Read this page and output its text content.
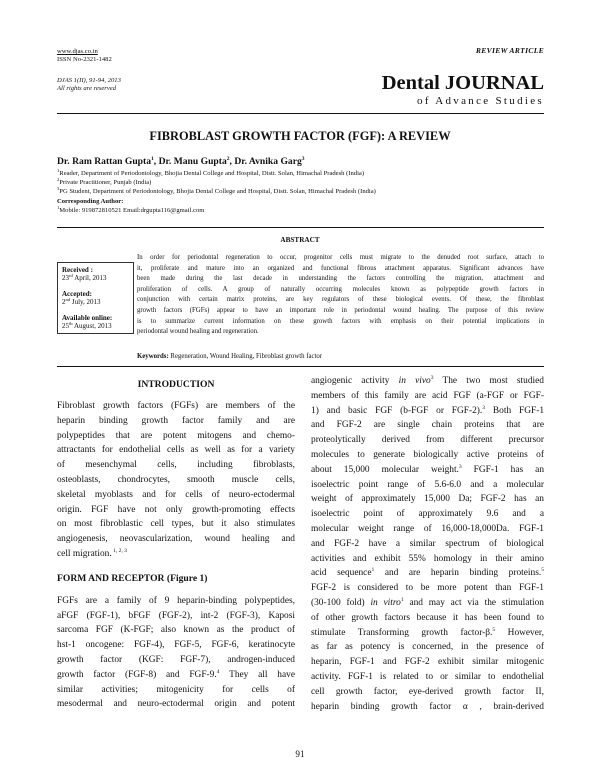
www.djas.co.in
ISSN No-2321-1482
DJAS 1(II), 91-94, 2013
All rights are reserved
REVIEW ARTICLE
Dental JOURNAL
of Advance Studies
FIBROBLAST GROWTH FACTOR (FGF): A REVIEW
Dr. Ram Rattan Gupta$^1$, Dr. Manu Gupta$^2$, Dr. Avnika Garg$^3$
$^1$Reader, Department of Periodontology, Bhojia Dental College and Hospital, Distt. Solan, Himachal Pradesh (India)
$^2$Private Practitioner, Punjab (India)
$^3$PG Student, Department of Periodontology, Bhojia Dental College and Hospital, Distt. Solan, Himachal Pradesh (India)
Corresponding Author:
$^1$Mobile: 919872810521 Email:drgupta116@gmail.com
ABSTRACT
Received :
23rd April, 2013
Accepted:
2nd July, 2013
Available online:
25th August, 2013
In order for periodontal regeneration to occur, progenitor cells must migrate to the denuded root surface, attach to
it, proliferate and mature into an organized and functional fibrous attachment apparatus. Significant advances have
been made during the last decade in understanding the factors controlling the migration, attachment and
proliferation of cells. A group of naturally occurring molecules known as polypeptide growth factors in
conjunction with certain matrix proteins, are key regulators of these biological events. Of these, the fibroblast
growth factors (FGFs) appear to have an important role in periodontal wound healing. The purpose of this review
is to summarize current information on these growth factors with emphasis on their potential implications in
periodontal wound healing and regeneration.
Keywords: Regeneration, Wound Healing, Fibroblast growth factor
INTRODUCTION
Fibroblast growth factors (FGFs) are members of the
heparin binding growth factor family and are
polypeptides that are potent mitogens and chemo-
attractants for endothelial cells as well as for a variety
of mesenchymal cells, including fibroblasts,
osteoblasts, chondrocytes, smooth muscle cells,
skeletal myoblasts and for cells of neuro-ectodermal
origin. FGF have not only growth-promoting effects
on most fibroblastic cell types, but it also stimulates
angiogenesis, neovascularization, wound healing and
cell migration. $^{1, 2, 3}$
FORM AND RECEPTOR (Figure 1)
FGFs are a family of 9 heparin-binding polypeptides,
aFGF (FGF-1), bFGF (FGF-2), int-2 (FGF-3), Kaposi
sarcoma FGF (K-FGF; also known as the product of
hst-1 oncogene: FGF-4), FGF-5, FGF-6, keratinocyte
growth factor (KGF: FGF-7), androgen-induced
growth factor (FGF-8) and FGF-9.$^4$ They all have
similar activities; mitogenicity for cells of
mesodermal and neuro-ectodermal origin and potent
angiogenic activity in vivo$^3$ The two most studied
members of this family are acid FGF (a-FGF or FGF-
1) and basic FGF (b-FGF or FGF-2).$^3$ Both FGF-1
and FGF-2 are single chain proteins that are
proteolytically derived from different precursor
molecules to generate biologically active proteins of
about 15,000 molecular weight.$^3$ FGF-1 has an
isoelectric point range of 5.6-6.0 and a molecular
weight of approximately 15,000 Da; FGF-2 has an
isoelectric point of approximately 9.6 and a
molecular weight range of 16,000-18,000Da. FGF-1
and FGF-2 have a similar spectrum of biological
activities and exhibit 55% homology in their amino
acid sequence$^1$ and are heparin binding proteins.$^5$
FGF-2 is considered to be more potent than FGF-1
(30-100 fold) in vitro$^1$ and may act via the stimulation
of other growth factors because it has been found to
stimulate Transforming growth factor-β.$^5$ However,
as far as potency is concerned, in the presence of
heparin, FGF-1 and FGF-2 exhibit similar mitogenic
activity. FGF-1 is related to or similar to endothelial
cell growth factor, eye-derived growth factor II,
heparin binding growth factor α , brain-derived
91
